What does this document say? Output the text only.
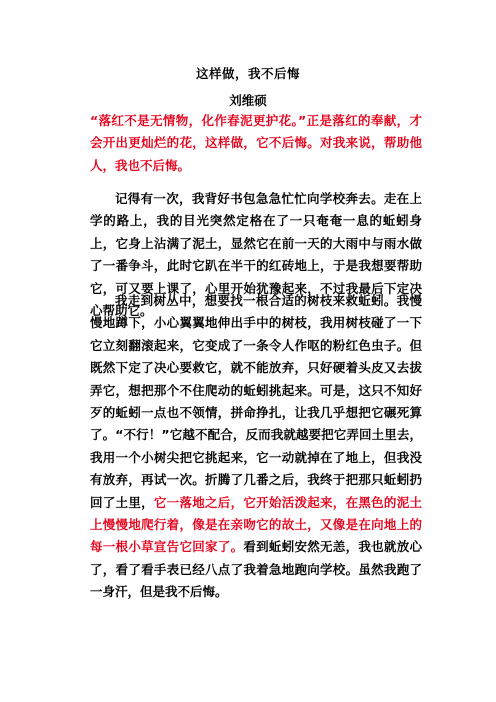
这样做，我不后悔
刘维硕

“落红不是无情物，化作春泥更护花。”正是落红的奉献，才会开出更灿烂的花，这样做，它不后悔。对我来说，帮助他人，我也不后悔。

记得有一次，我背好书包急急忙忙向学校奔去。走在上学的路上，我的目光突然定格在了一只奄奄一息的蚯蚓身上，它身上沾满了泥土，显然它在前一天的大雨中与雨水做了一番争斗，此时它趴在半干的红砖地上，于是我想要帮助它，可又要上课了，心里开始犹豫起来，不过我最后下定决心帮助它。

我走到树丛中，想要找一根合适的树枝来救蚯蚓。我慢慢地蹲下，小心翼翼地伸出手中的树枝，我用树枝碰了一下它立刻翻滚起来，它变成了一条令人作呕的粉红色虫子。但既然下定了决心要救它，就不能放弃，只好硬着头皮又去拔弄它，想把那个不住爬动的蚯蚓挑起来。可是，这只不知好歹的蚯蚓一点也不领情，拼命挣扎，让我几乎想把它碾死算了。“不行！”它越不配合，反而我就越要把它弄回土里去，我用一个小树尖把它挑起来，它一动就掉在了地上，但我没有放弃，再试一次。折腾了几番之后，我终于把那只蚯蚓扔回了土里，它一落地之后，它开始活泼起来，在黑色的泥土上慢慢地爬行着，像是在亲吻它的故土，又像是在向地上的每一根小草宣告它回家了。看到蚯蚓安然无恙，我也就放心了，看了看手表已经八点了我着急地跑向学校。虽然我跑了一身汗，但是我不后悔。
